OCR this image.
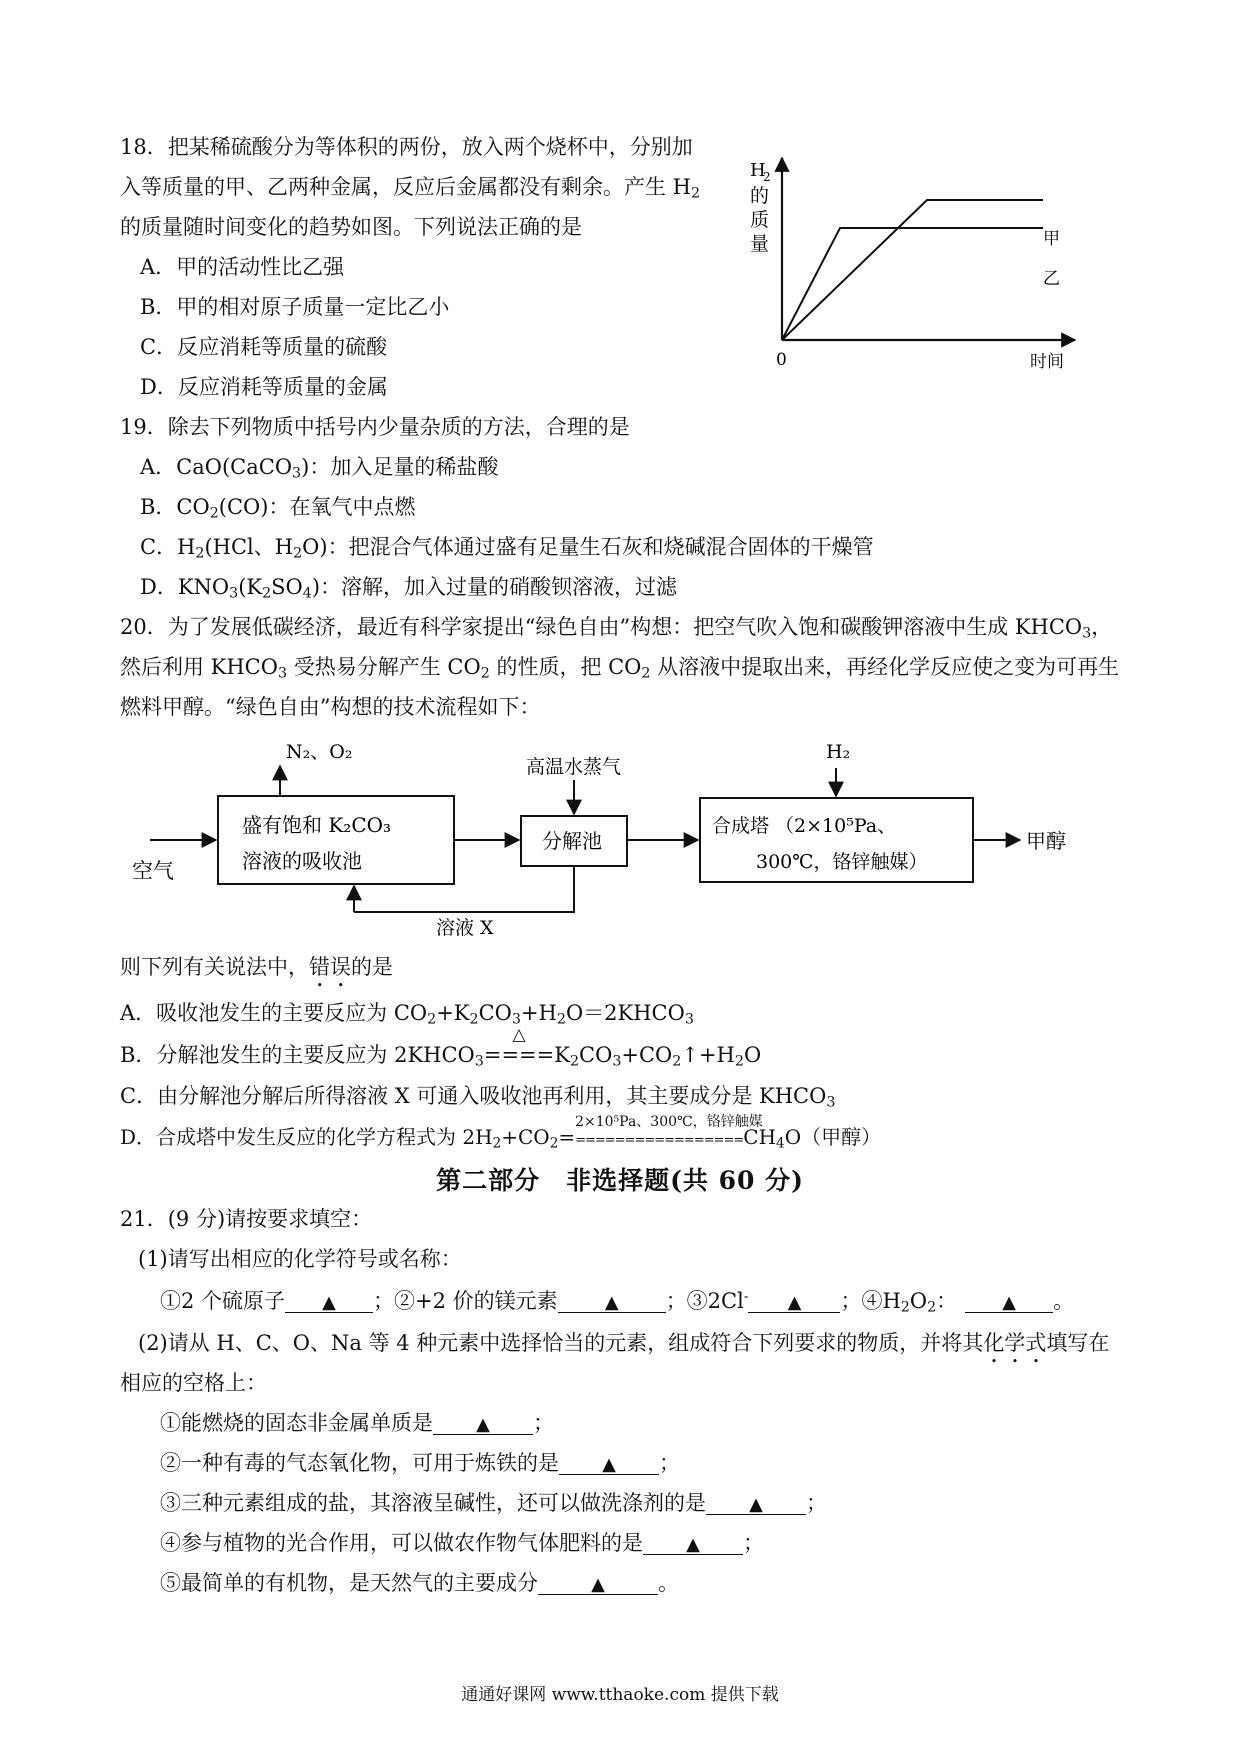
18．把某稀硫酸分为等体积的两份，放入两个烧杯中，分别加
入等质量的甲、乙两种金属，反应后金属都没有剩余。产生 $H_2$
的质量随时间变化的趋势如图。下列说法正确的是
A．甲的活动性比乙强
B．甲的相对原子质量一定比乙小
C．反应消耗等质量的硫酸
D．反应消耗等质量的金属
H
2
的
质
量
0	时间
甲
乙
19．除去下列物质中括号内少量杂质的方法，合理的是
A．CaO(CaCO$_3$)：加入足量的稀盐酸
B．$CO_2(CO)$：在氧气中点燃
C．$H_2(HCl$、$H_2O$)：把混合气体通过盛有足量生石灰和烧碱混合固体的干燥管
D．$KNO_3(K_2SO_4)$：溶解，加入过量的硝酸钡溶液，过滤
20．为了发展低碳经济，最近有科学家提出“绿色自由”构想：把空气吹入饱和碳酸钾溶液中生成 $KHCO_3$，
然后利用 $KHCO_3$ 受热易分解产生 $CO_2$ 的性质，把 $CO_2$ 从溶液中提取出来，再经化学反应使之变为可再生
燃料甲醇。“绿色自由”构想的技术流程如下：
N₂、O₂
高温水蒸气
H₂
空气
盛有饱和 K₂CO₃
溶液的吸收池
分解池
合成塔 （2×10⁵Pa、
300℃，铬锌触媒）
甲醇
溶液 X
则下列有关说法中，错误的是
A．吸收池发生的主要反应为 $CO_2+K_2CO_3+H_2O=2KHCO_3$
B．分解池发生的主要反应为 $2KHCO_3$
△
$====K_2CO_3+CO_2↑+H_2O$
C．由分解池分解后所得溶液 X 可通入吸收池再利用，其主要成分是 $KHCO_3$
D．合成塔中发生反应的化学方程式为 $2H_2+CO_2=$
2×10⁵Pa、300℃，铬锌触媒
$=================CH_4O$（甲醇）
第二部分　非选择题(共 60 分)
21．(9 分)请按要求填空：
(1)请写出相应的化学符号或名称：
①2 个硫原子 ▲ ；②+2 价的镁元素	▲ ；③2Cl- ▲ ；$④H_2O_2$：	▲ 。
(2)请从 H、C、O、Na 等 4 种元素中选择恰当的元素，组成符合下列要求的物质，并将其化学式填写在
相应的空格上：
①能燃烧的固态非金属单质是 ▲ ；
②一种有毒的气态氧化物，可用于炼铁的是 ▲ ；
③三种元素组成的盐，其溶液呈碱性，还可以做洗涤剂的是 ▲ ；
④参与植物的光合作用，可以做农作物气体肥料的是 ▲ ；
⑤最简单的有机物，是天然气的主要成分	▲	。
通通好课网 www.tthaoke.com 提供下载
